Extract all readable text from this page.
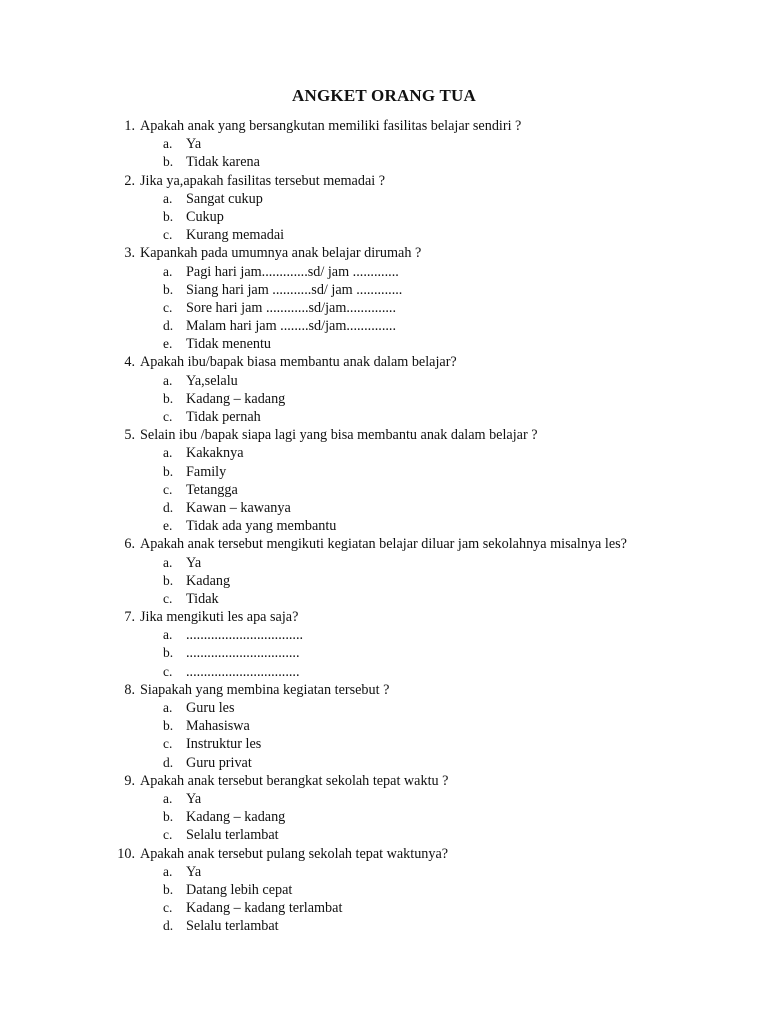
ANGKET ORANG TUA
1. Apakah anak yang bersangkutan memiliki fasilitas belajar sendiri ?
a. Ya
b. Tidak karena
2. Jika ya,apakah fasilitas tersebut memadai ?
a. Sangat cukup
b. Cukup
c. Kurang memadai
3. Kapankah pada umumnya anak belajar dirumah ?
a. Pagi hari jam.............sd/ jam .............
b. Siang hari jam ...........sd/ jam .............
c. Sore hari jam ............sd/jam..............
d. Malam hari jam ........sd/jam..............
e. Tidak menentu
4. Apakah ibu/bapak biasa membantu anak dalam belajar?
a. Ya,selalu
b. Kadang – kadang
c. Tidak pernah
5. Selain ibu /bapak siapa lagi yang bisa membantu anak dalam belajar ?
a. Kakaknya
b. Family
c. Tetangga
d. Kawan – kawanya
e. Tidak ada yang membantu
6. Apakah anak tersebut mengikuti kegiatan belajar diluar jam sekolahnya misalnya les?
a. Ya
b. Kadang
c. Tidak
7. Jika mengikuti les apa saja?
a. .................................
b. ................................
c. ................................
8. Siapakah yang membina kegiatan tersebut ?
a. Guru les
b. Mahasiswa
c. Instruktur les
d. Guru privat
9. Apakah anak tersebut berangkat sekolah tepat waktu ?
a. Ya
b. Kadang – kadang
c. Selalu terlambat
10. Apakah anak tersebut pulang sekolah tepat waktunya?
a. Ya
b. Datang lebih cepat
c. Kadang – kadang terlambat
d. Selalu terlambat
